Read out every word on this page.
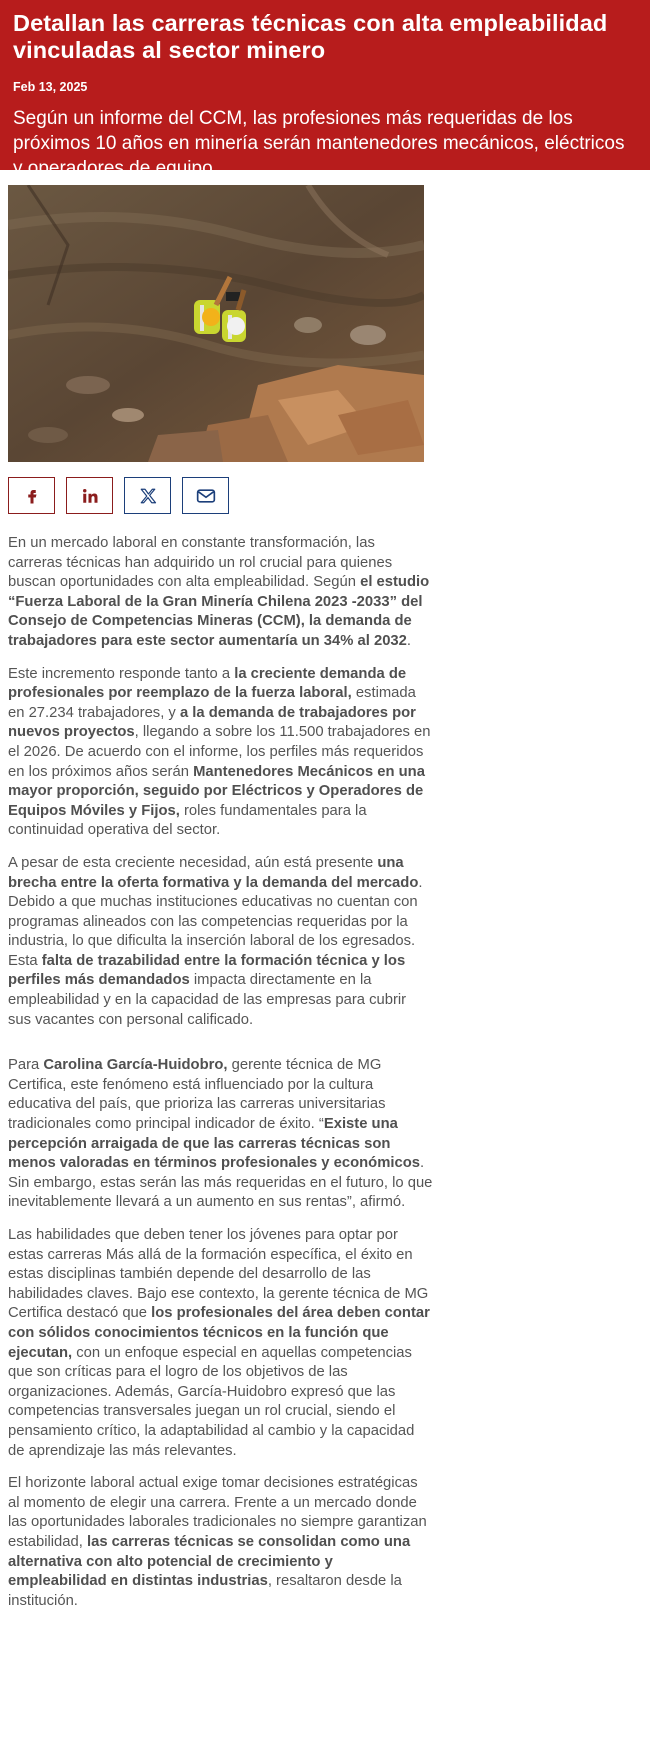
Detallan las carreras técnicas con alta empleabilidad vinculadas al sector minero
Feb 13, 2025
Según un informe del CCM, las profesiones más requeridas de los próximos 10 años en minería serán mantenedores mecánicos, eléctricos y operadores de equipo.

En un mercado laboral en constante transformación, las carreras técnicas han adquirido un rol crucial para quienes buscan oportunidades con alta empleabilidad. Según el estudio “Fuerza Laboral de la Gran Minería Chilena 2023 -2033” del Consejo de Competencias Mineras (CCM), la demanda de trabajadores para este sector aumentaría un 34% al 2032.

Este incremento responde tanto a la creciente demanda de profesionales por reemplazo de la fuerza laboral, estimada en 27.234 trabajadores, y a la demanda de trabajadores por nuevos proyectos, llegando a sobre los 11.500 trabajadores en el 2026. De acuerdo con el informe, los perfiles más requeridos en los próximos años serán Mantenedores Mecánicos en una mayor proporción, seguido por Eléctricos y Operadores de Equipos Móviles y Fijos, roles fundamentales para la continuidad operativa del sector.

A pesar de esta creciente necesidad, aún está presente una brecha entre la oferta formativa y la demanda del mercado. Debido a que muchas instituciones educativas no cuentan con programas alineados con las competencias requeridas por la industria, lo que dificulta la inserción laboral de los egresados. Esta falta de trazabilidad entre la formación técnica y los perfiles más demandados impacta directamente en la empleabilidad y en la capacidad de las empresas para cubrir sus vacantes con personal calificado.

Para Carolina García-Huidobro, gerente técnica de MG Certifica, este fenómeno está influenciado por la cultura educativa del país, que prioriza las carreras universitarias tradicionales como principal indicador de éxito. “Existe una percepción arraigada de que las carreras técnicas son menos valoradas en términos profesionales y económicos. Sin embargo, estas serán las más requeridas en el futuro, lo que inevitablemente llevará a un aumento en sus rentas”, afirmó.

Las habilidades que deben tener los jóvenes para optar por estas carreras Más allá de la formación específica, el éxito en estas disciplinas también depende del desarrollo de las habilidades claves. Bajo ese contexto, la gerente técnica de MG Certifica destacó que los profesionales del área deben contar con sólidos conocimientos técnicos en la función que ejecutan, con un enfoque especial en aquellas competencias que son críticas para el logro de los objetivos de las organizaciones. Además, García-Huidobro expresó que las competencias transversales juegan un rol crucial, siendo el pensamiento crítico, la adaptabilidad al cambio y la capacidad de aprendizaje las más relevantes.

El horizonte laboral actual exige tomar decisiones estratégicas al momento de elegir una carrera. Frente a un mercado donde las oportunidades laborales tradicionales no siempre garantizan estabilidad, las carreras técnicas se consolidan como una alternativa con alto potencial de crecimiento y empleabilidad en distintas industrias, resaltaron desde la institución.
